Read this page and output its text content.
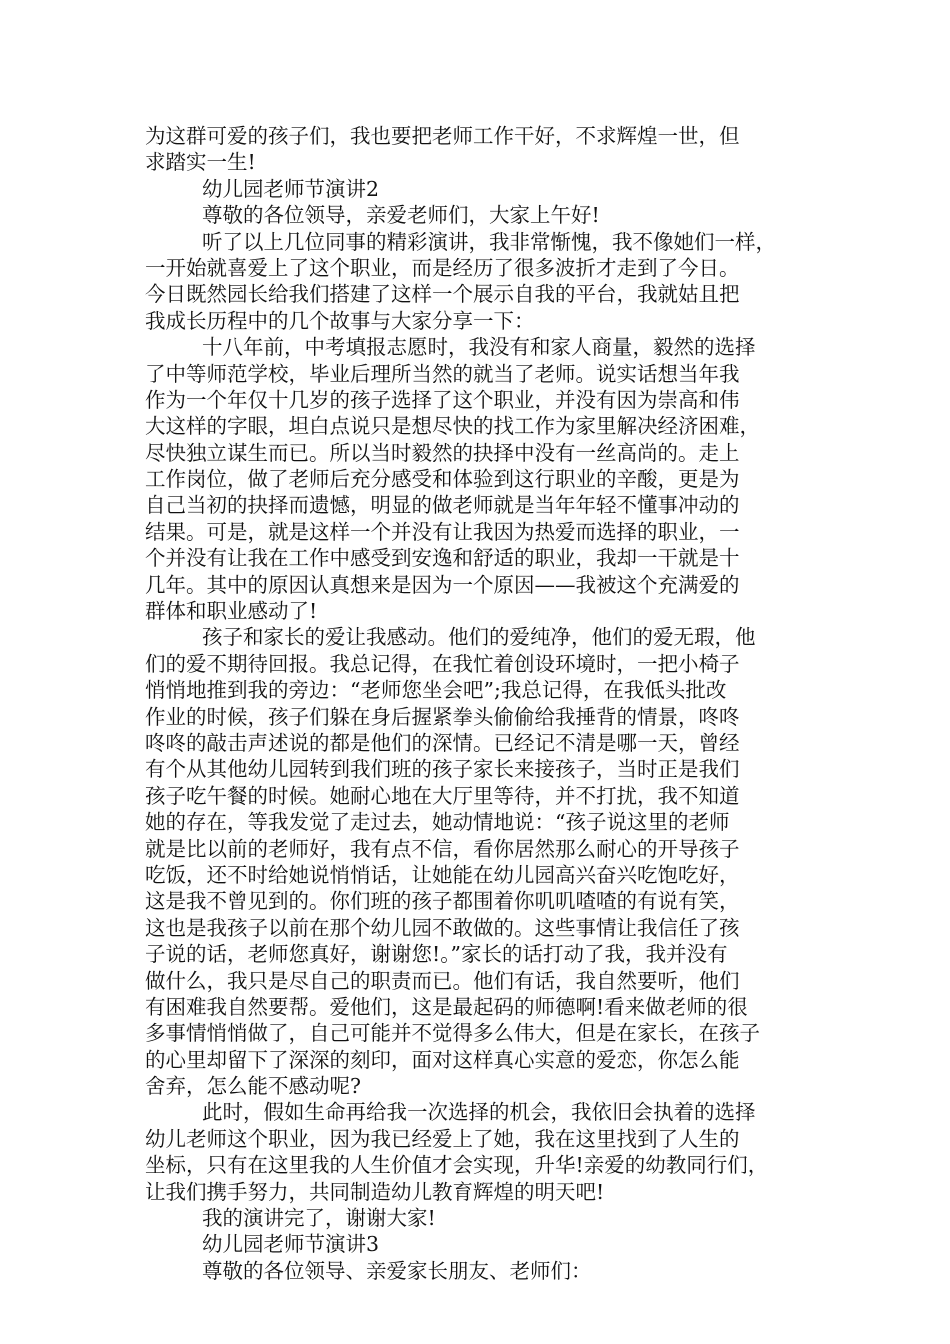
为这群可爱的孩子们，我也要把老师工作干好，不求辉煌一世，但
求踏实一生!
幼儿园老师节演讲2
尊敬的各位领导，亲爱老师们，大家上午好!
听了以上几位同事的精彩演讲，我非常惭愧，我不像她们一样，
一开始就喜爱上了这个职业，而是经历了很多波折才走到了今日。
今日既然园长给我们搭建了这样一个展示自我的平台，我就姑且把
我成长历程中的几个故事与大家分享一下：
十八年前，中考填报志愿时，我没有和家人商量，毅然的选择
了中等师范学校，毕业后理所当然的就当了老师。说实话想当年我
作为一个年仅十几岁的孩子选择了这个职业，并没有因为崇高和伟
大这样的字眼，坦白点说只是想尽快的找工作为家里解决经济困难，
尽快独立谋生而已。所以当时毅然的抉择中没有一丝高尚的。走上
工作岗位，做了老师后充分感受和体验到这行职业的辛酸，更是为
自己当初的抉择而遗憾，明显的做老师就是当年年轻不懂事冲动的
结果。可是，就是这样一个并没有让我因为热爱而选择的职业，一
个并没有让我在工作中感受到安逸和舒适的职业，我却一干就是十
几年。其中的原因认真想来是因为一个原因——我被这个充满爱的
群体和职业感动了!
孩子和家长的爱让我感动。他们的爱纯净，他们的爱无瑕，他
们的爱不期待回报。我总记得，在我忙着创设环境时，一把小椅子
悄悄地推到我的旁边：“老师您坐会吧”;我总记得，在我低头批改
作业的时候，孩子们躲在身后握紧拳头偷偷给我捶背的情景，咚咚
咚咚的敲击声述说的都是他们的深情。已经记不清是哪一天，曾经
有个从其他幼儿园转到我们班的孩子家长来接孩子，当时正是我们
孩子吃午餐的时候。她耐心地在大厅里等待，并不打扰，我不知道
她的存在，等我发觉了走过去，她动情地说：“孩子说这里的老师
就是比以前的老师好，我有点不信，看你居然那么耐心的开导孩子
吃饭，还不时给她说悄悄话，让她能在幼儿园高兴奋兴吃饱吃好，
这是我不曾见到的。你们班的孩子都围着你叽叽喳喳的有说有笑，
这也是我孩子以前在那个幼儿园不敢做的。这些事情让我信任了孩
子说的话，老师您真好，谢谢您!。”家长的话打动了我，我并没有
做什么，我只是尽自己的职责而已。他们有话，我自然要听，他们
有困难我自然要帮。爱他们，这是最起码的师德啊!看来做老师的很
多事情悄悄做了，自己可能并不觉得多么伟大，但是在家长，在孩子
的心里却留下了深深的刻印，面对这样真心实意的爱恋，你怎么能
舍弃，怎么能不感动呢?
此时，假如生命再给我一次选择的机会，我依旧会执着的选择
幼儿老师这个职业，因为我已经爱上了她，我在这里找到了人生的
坐标，只有在这里我的人生价值才会实现，升华!亲爱的幼教同行们，
让我们携手努力，共同制造幼儿教育辉煌的明天吧!
我的演讲完了，谢谢大家!
幼儿园老师节演讲3
尊敬的各位领导、亲爱家长朋友、老师们：
